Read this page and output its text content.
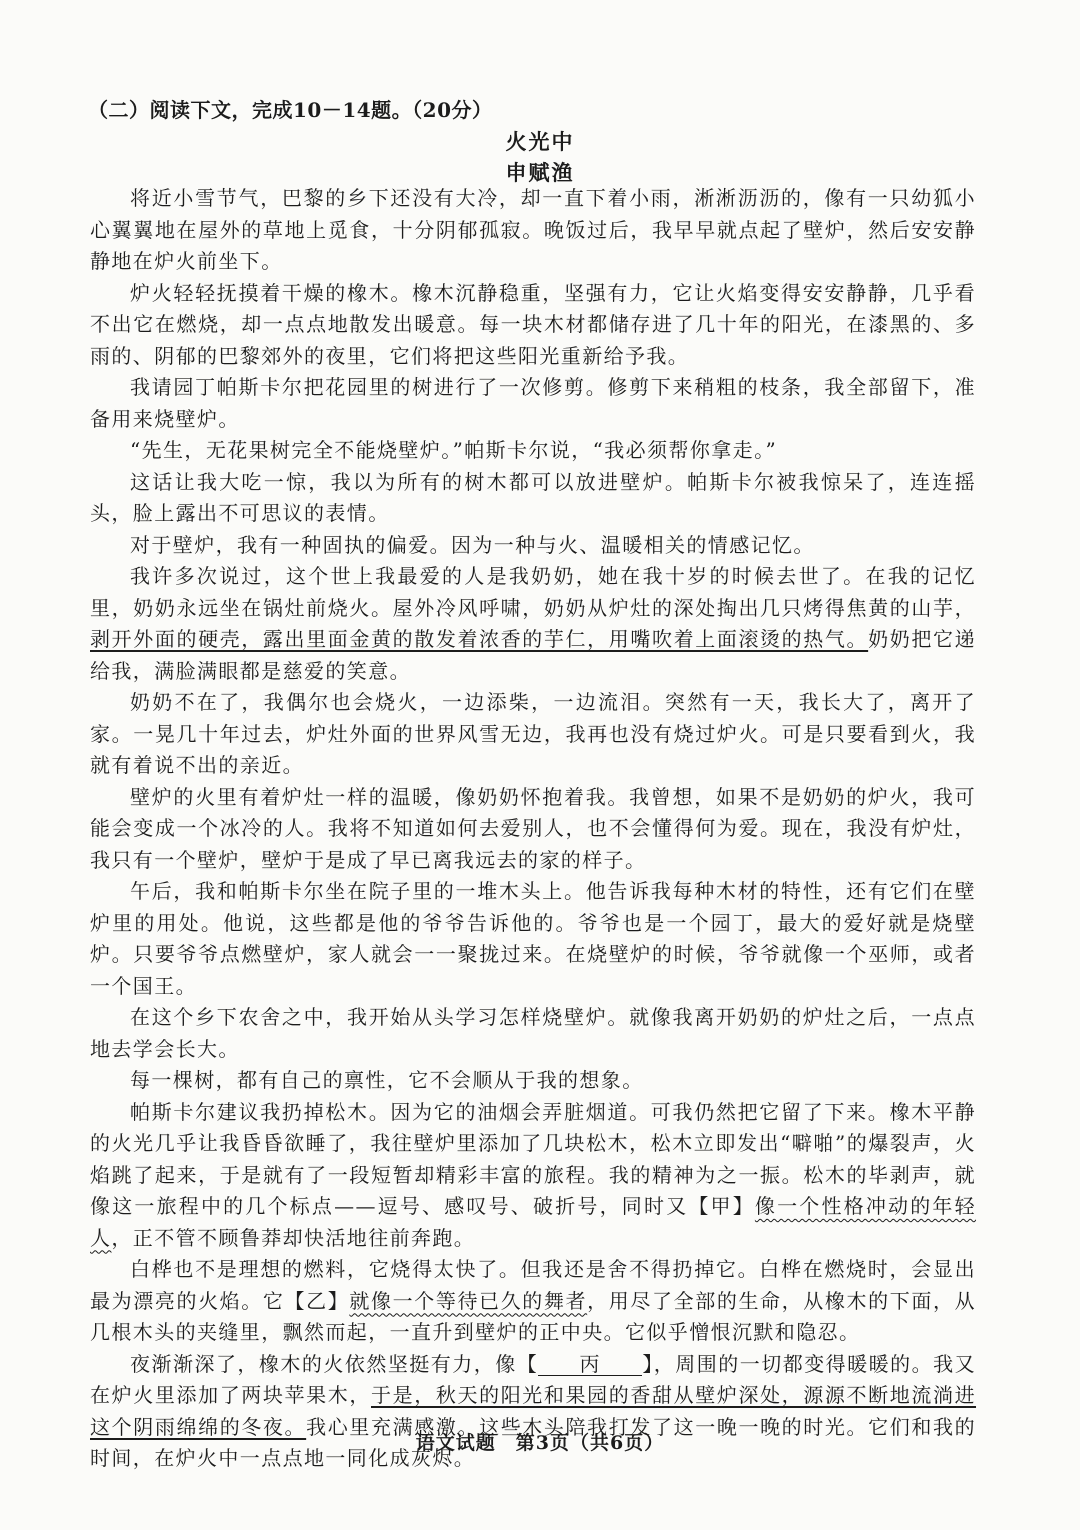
（二）阅读下文，完成10－14题。（20分）
火光中
申赋渔

将近小雪节气，巴黎的乡下还没有大冷，却一直下着小雨，淅淅沥沥的，像有一只幼狐小心翼翼地在屋外的草地上觅食，十分阴郁孤寂。晚饭过后，我早早就点起了壁炉，然后安安静静地在炉火前坐下。

炉火轻轻抚摸着干燥的橡木。橡木沉静稳重，坚强有力，它让火焰变得安安静静，几乎看不出它在燃烧，却一点点地散发出暖意。每一块木材都储存进了几十年的阳光，在漆黑的、多雨的、阴郁的巴黎郊外的夜里，它们将把这些阳光重新给予我。

我请园丁帕斯卡尔把花园里的树进行了一次修剪。修剪下来稍粗的枝条，我全部留下，准备用来烧壁炉。

“先生，无花果树完全不能烧壁炉。”帕斯卡尔说，“我必须帮你拿走。”

这话让我大吃一惊，我以为所有的树木都可以放进壁炉。帕斯卡尔被我惊呆了，连连摇头，脸上露出不可思议的表情。

对于壁炉，我有一种固执的偏爱。因为一种与火、温暖相关的情感记忆。

我许多次说过，这个世上我最爱的人是我奶奶，她在我十岁的时候去世了。在我的记忆里，奶奶永远坐在锅灶前烧火。屋外冷风呼啸，奶奶从炉灶的深处掏出几只烤得焦黄的山芋，剥开外面的硬壳，露出里面金黄的散发着浓香的芋仁，用嘴吹着上面滚烫的热气。奶奶把它递给我，满脸满眼都是慈爱的笑意。

奶奶不在了，我偶尔也会烧火，一边添柴，一边流泪。突然有一天，我长大了，离开了家。一晃几十年过去，炉灶外面的世界风雪无边，我再也没有烧过炉火。可是只要看到火，我就有着说不出的亲近。

壁炉的火里有着炉灶一样的温暖，像奶奶怀抱着我。我曾想，如果不是奶奶的炉火，我可能会变成一个冰冷的人。我将不知道如何去爱别人，也不会懂得何为爱。现在，我没有炉灶，我只有一个壁炉，壁炉于是成了早已离我远去的家的样子。

午后，我和帕斯卡尔坐在院子里的一堆木头上。他告诉我每种木材的特性，还有它们在壁炉里的用处。他说，这些都是他的爷爷告诉他的。爷爷也是一个园丁，最大的爱好就是烧壁炉。只要爷爷点燃壁炉，家人就会一一聚拢过来。在烧壁炉的时候，爷爷就像一个巫师，或者一个国王。

在这个乡下农舍之中，我开始从头学习怎样烧壁炉。就像我离开奶奶的炉灶之后，一点点地去学会长大。

每一棵树，都有自己的禀性，它不会顺从于我的想象。

帕斯卡尔建议我扔掉松木。因为它的油烟会弄脏烟道。可我仍然把它留了下来。橡木平静的火光几乎让我昏昏欲睡了，我往壁炉里添加了几块松木，松木立即发出“噼啪”的爆裂声，火焰跳了起来，于是就有了一段短暂却精彩丰富的旅程。我的精神为之一振。松木的毕剥声，就像这一旅程中的几个标点——逗号、感叹号、破折号，同时又【甲】像一个性格冲动的年轻人，正不管不顾鲁莽却快活地往前奔跑。

白桦也不是理想的燃料，它烧得太快了。但我还是舍不得扔掉它。白桦在燃烧时，会显出最为漂亮的火焰。它【乙】就像一个等待已久的舞者，用尽了全部的生命，从橡木的下面，从几根木头的夹缝里，飘然而起，一直升到壁炉的正中央。它似乎憎恨沉默和隐忍。

夜渐渐深了，橡木的火依然坚挺有力，像【 丙 】，周围的一切都变得暖暖的。我又在炉火里添加了两块苹果木，于是，秋天的阳光和果园的香甜从壁炉深处，源源不断地流淌进这个阴雨绵绵的冬夜。我心里充满感激。这些木头陪我打发了这一晚一晚的时光。它们和我的时间，在炉火中一点点地一同化成灰烬。

语文试题　第3页（共6页）
